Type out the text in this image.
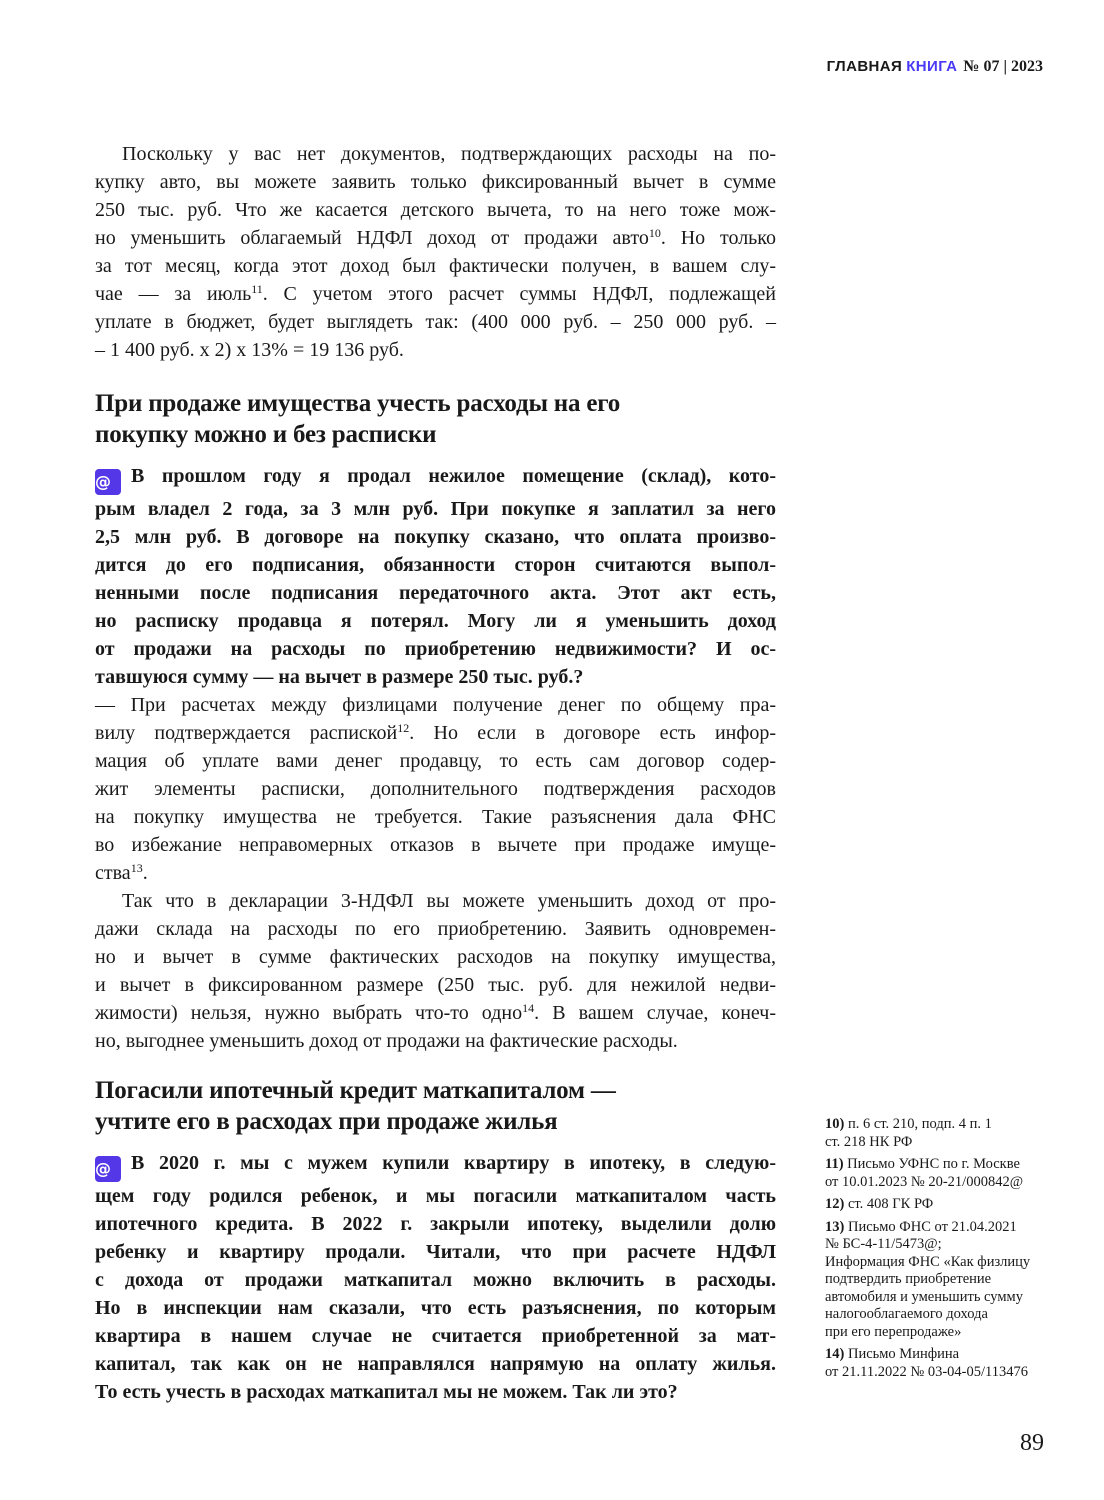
ГЛАВНАЯ КНИГА № 07 | 2023
Поскольку у вас нет документов, подтверждающих расходы на по-
купку авто, вы можете заявить только фиксированный вычет в сумме
250 тыс. руб. Что же касается детского вычета, то на него тоже мож-
но уменьшить облагаемый НДФЛ доход от продажи авто$^{10}$. Но только
за тот месяц, когда этот доход был фактически получен, в вашем слу-
чае — за июль$^{11}$. С учетом этого расчет суммы НДФЛ, подлежащей
уплате в бюджет, будет выглядеть так: (400 000 руб. – 250 000 руб. –
– 1 400 руб. х 2) х 13% = 19 136 руб.
При продаже имущества учесть расходы на его
покупку можно и без расписки
@ В прошлом году я продал нежилое помещение (склад), кото-
рым владел 2 года, за 3 млн руб. При покупке я заплатил за него
2,5 млн руб. В договоре на покупку сказано, что оплата произво-
дится до его подписания, обязанности сторон считаются выпол-
ненными после подписания передаточного акта. Этот акт есть,
но расписку продавца я потерял. Могу ли я уменьшить доход
от продажи на расходы по приобретению недвижимости? И ос-
тавшуюся сумму — на вычет в размере 250 тыс. руб.?
— При расчетах между физлицами получение денег по общему пра-
вилу подтверждается распиской$^{12}$. Но если в договоре есть инфор-
мация об уплате вами денег продавцу, то есть сам договор содер-
жит элементы расписки, дополнительного подтверждения расходов
на покупку имущества не требуется. Такие разъяснения дала ФНС
во избежание неправомерных отказов в вычете при продаже имуще-
ства$^{13}$.
Так что в декларации 3-НДФЛ вы можете уменьшить доход от про-
дажи склада на расходы по его приобретению. Заявить одновремен-
но и вычет в сумме фактических расходов на покупку имущества,
и вычет в фиксированном размере (250 тыс. руб. для нежилой недви-
жимости) нельзя, нужно выбрать что-то одно$^{14}$. В вашем случае, конеч-
но, выгоднее уменьшить доход от продажи на фактические расходы.
Погасили ипотечный кредит маткапиталом —
учтите его в расходах при продаже жилья
@ В 2020 г. мы с мужем купили квартиру в ипотеку, в следую-
щем году родился ребенок, и мы погасили маткапиталом часть
ипотечного кредита. В 2022 г. закрыли ипотеку, выделили долю
ребенку и квартиру продали. Читали, что при расчете НДФЛ
с дохода от продажи маткапитал можно включить в расходы.
Но в инспекции нам сказали, что есть разъяснения, по которым
квартира в нашем случае не считается приобретенной за мат-
капитал, так как он не направлялся напрямую на оплату жилья.
То есть учесть в расходах маткапитал мы не можем. Так ли это?
10) п. 6 ст. 210, подп. 4 п. 1
ст. 218 НК РФ
11) Письмо УФНС по г. Москве
от 10.01.2023 № 20-21/000842@
12) ст. 408 ГК РФ
13) Письмо ФНС от 21.04.2021
№ БС-4-11/5473@;
Информация ФНС «Как физлицу
подтвердить приобретение
автомобиля и уменьшить сумму
налогооблагаемого дохода
при его перепродаже»
14) Письмо Минфина
от 21.11.2022 № 03-04-05/113476
89
